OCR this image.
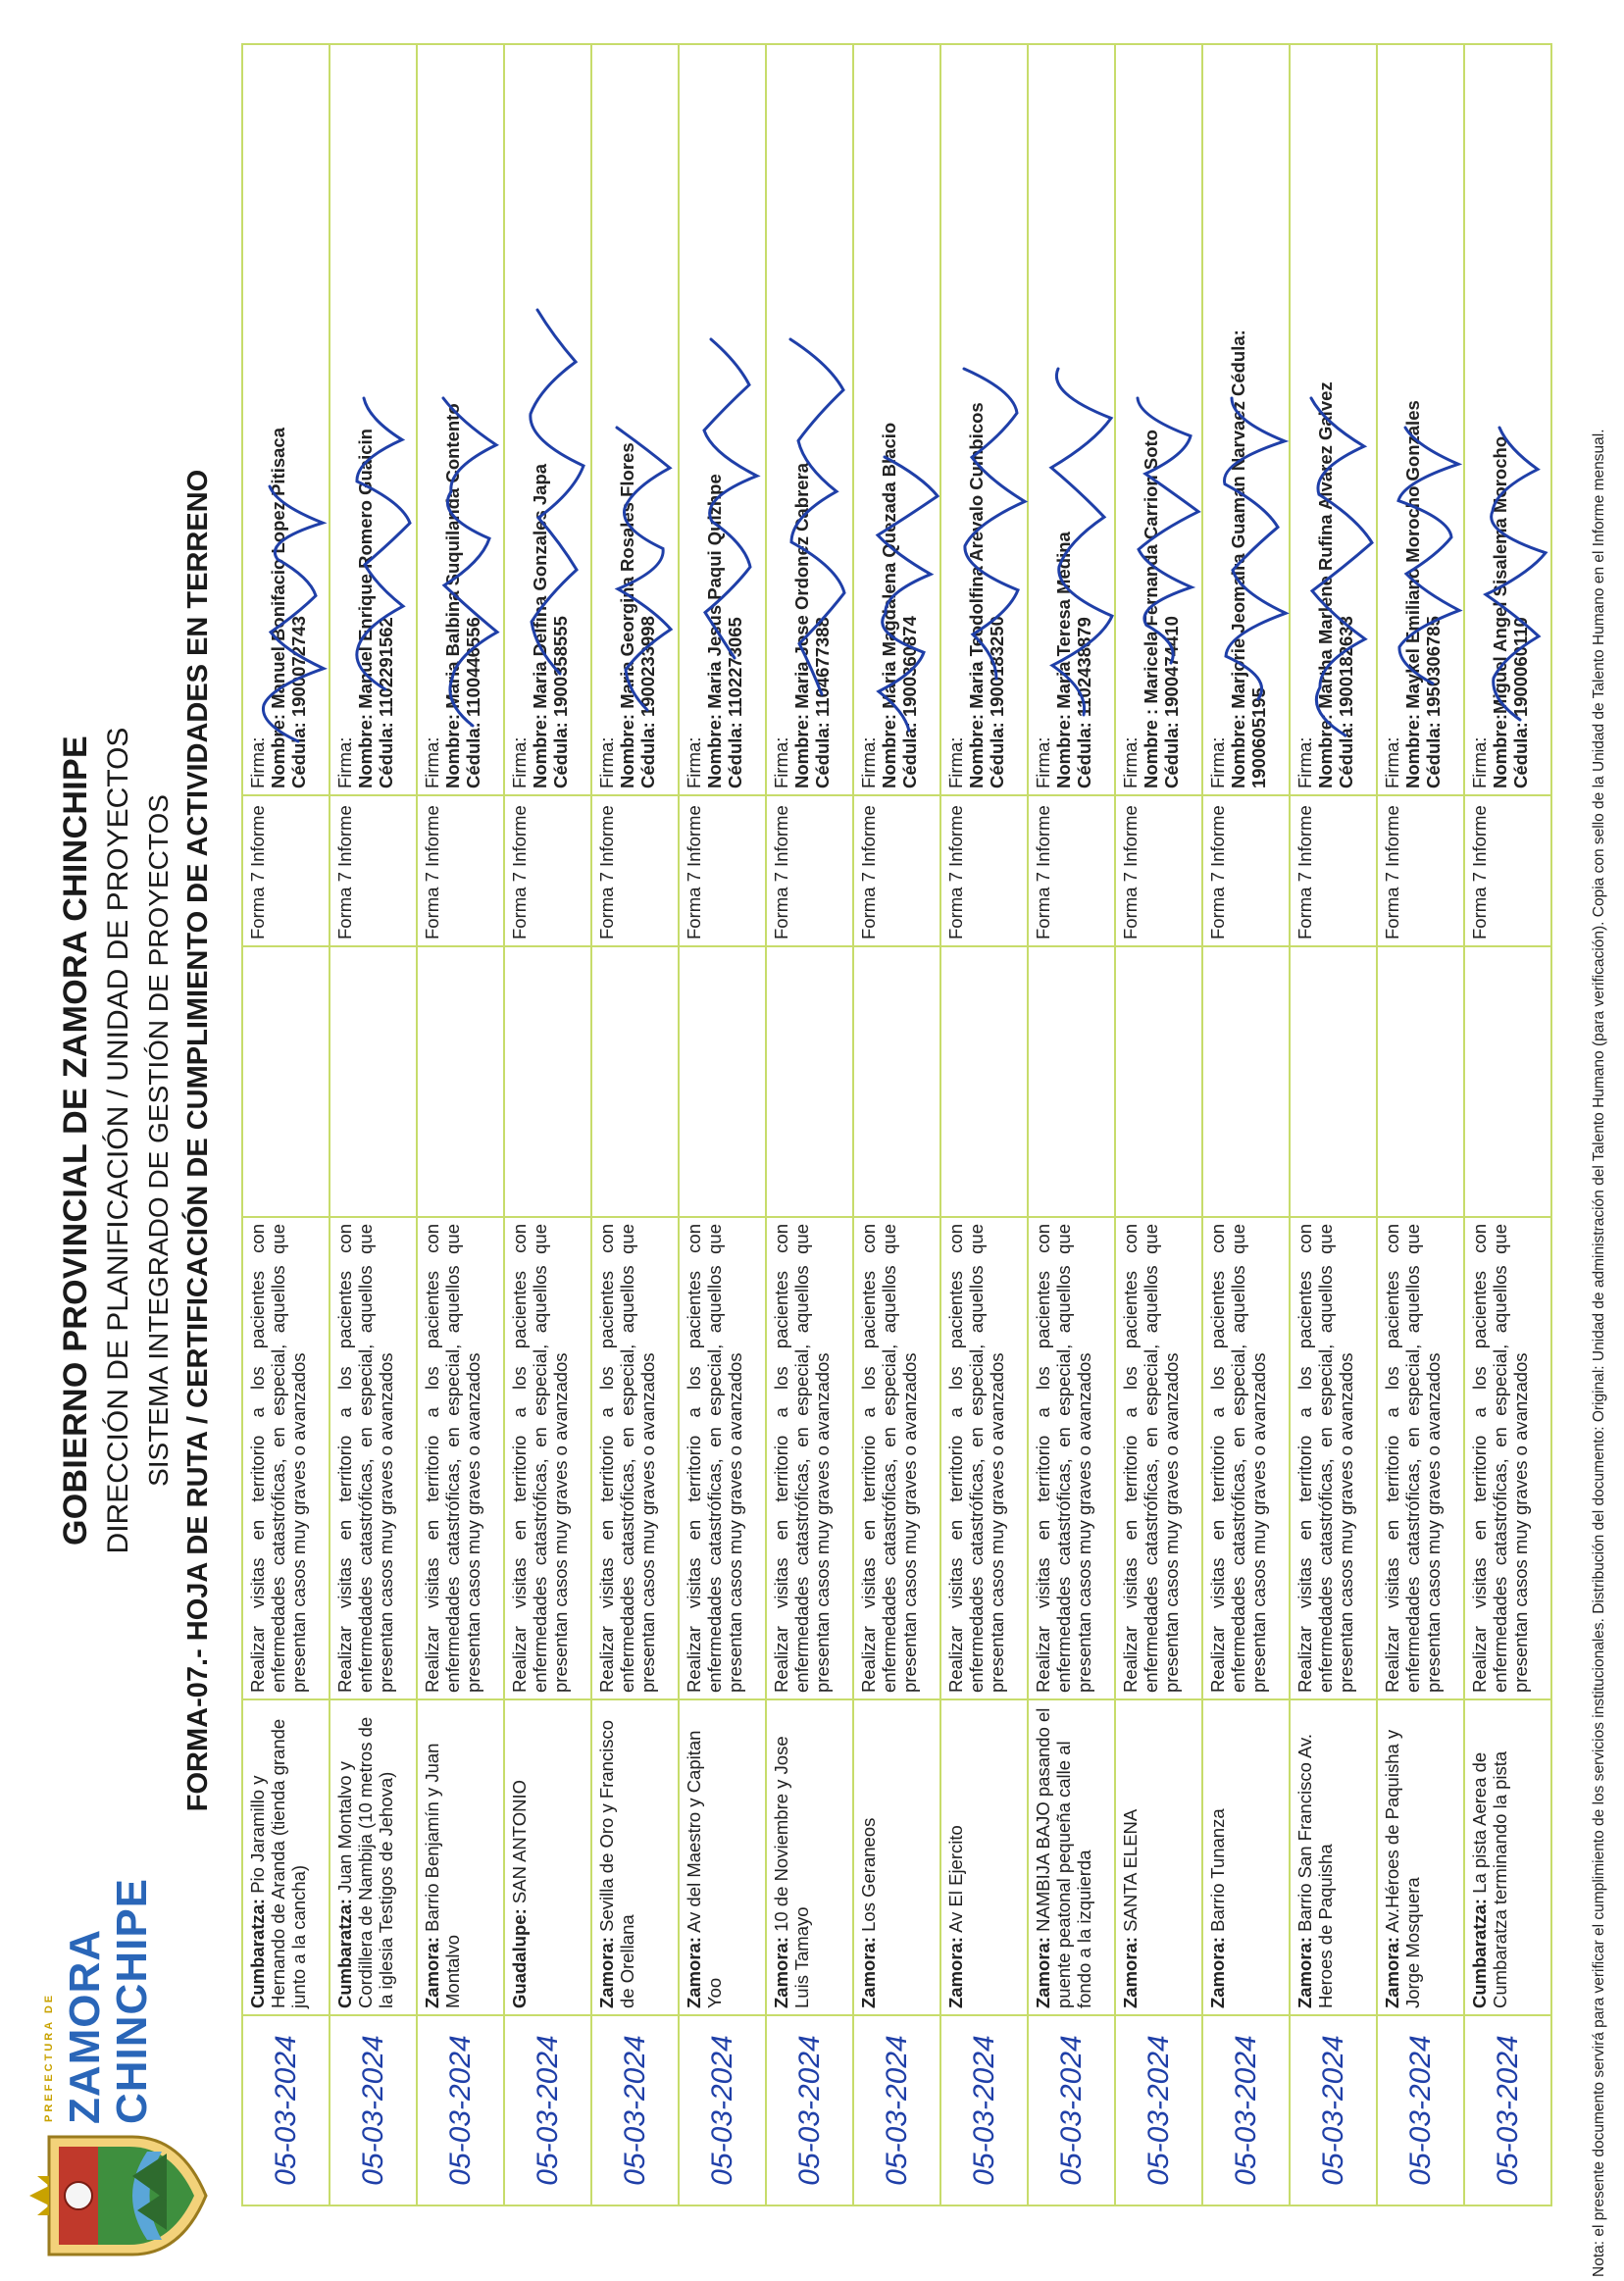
PREFECTURA DE ZAMORA CHINCHIPE
GOBIERNO PROVINCIAL DE ZAMORA CHINCHIPE DIRECCIÓN DE PLANIFICACIÓN / UNIDAD DE PROYECTOS SISTEMA INTEGRADO DE GESTIÓN DE PROYECTOS FORMA-07.- HOJA DE RUTA / CERTIFICACIÓN DE CUMPLIMIENTO DE ACTIVIDADES EN TERRENO
05-03-2024	Cumbaratza: Pio Jaramillo y Hernando de Aranda (tienda grande junto a la cancha)	Realizar visitas en territorio a los pacientes con enfermedades catastróficas, en especial, aquellos que presentan casos muy graves o avanzados		Forma 7 Informe	Firma: Nombre: Manuel Bonifacio Lopez Pitisaca Cédula: 1900072743

05-03-2024	Cumbaratza: Juan Montalvo y Cordillera de Nambija (10 metros de la iglesia Testigos de Jehova)	Realizar visitas en territorio a los pacientes con enfermedades catastróficas, en especial, aquellos que presentan casos muy graves o avanzados		Forma 7 Informe	Firma: Nombre: Manuel Enrique Romero Guaicin Cédula: 1102291562

05-03-2024	Zamora: Barrio Benjamín y Juan Montalvo	Realizar visitas en territorio a los pacientes con enfermedades catastróficas, en especial, aquellos que presentan casos muy graves o avanzados		Forma 7 Informe	Firma: Nombre: Maria Balbina Suquilanda Contento Cédula: 1100446556

05-03-2024	Guadalupe: SAN ANTONIO	Realizar visitas en territorio a los pacientes con enfermedades catastróficas, en especial, aquellos que presentan casos muy graves o avanzados		Forma 7 Informe	Firma: Nombre: Maria Delfina Gonzales Japa Cédula: 1900358555

05-03-2024	Zamora: Sevilla de Oro y Francisco de Orellana	Realizar visitas en territorio a los pacientes con enfermedades catastróficas, en especial, aquellos que presentan casos muy graves o avanzados		Forma 7 Informe	Firma: Nombre: Maria Georgina Rosales Flores Cédula: 1900233998

05-03-2024	Zamora: Av del Maestro y Capitan Yoo	Realizar visitas en territorio a los pacientes con enfermedades catastróficas, en especial, aquellos que presentan casos muy graves o avanzados		Forma 7 Informe	Firma: Nombre: Maria Jesus Paqui Quizhpe Cédula: 1102273065

05-03-2024	Zamora: 10 de Noviembre y Jose Luis Tamayo	Realizar visitas en territorio a los pacientes con enfermedades catastróficas, en especial, aquellos que presentan casos muy graves o avanzados		Forma 7 Informe	Firma: Nombre: Maria Jose Ordonez Cabrera Cédula: 1104677388

05-03-2024	Zamora: Los Geraneos	Realizar visitas en territorio a los pacientes con enfermedades catastróficas, en especial, aquellos que presentan casos muy graves o avanzados		Forma 7 Informe	Firma: Nombre: Maria Magdalena Quezada Blacio Cédula: 1900360874

05-03-2024	Zamora: Av El Ejercito	Realizar visitas en territorio a los pacientes con enfermedades catastróficas, en especial, aquellos que presentan casos muy graves o avanzados		Forma 7 Informe	Firma: Nombre: Maria Teodolfina Arevalo Cumbicos Cédula: 1900183250

05-03-2024	Zamora: NAMBIJA BAJO pasando el puente peatonal pequeña calle al fondo a la izquierda	Realizar visitas en territorio a los pacientes con enfermedades catastróficas, en especial, aquellos que presentan casos muy graves o avanzados		Forma 7 Informe	Firma: Nombre: Maria Teresa Medina Cédula: 1102438879

05-03-2024	Zamora: SANTA ELENA	Realizar visitas en territorio a los pacientes con enfermedades catastróficas, en especial, aquellos que presentan casos muy graves o avanzados		Forma 7 Informe	Firma: Nombre : Maricela Fernanda Carrion Soto Cédula: 1900474410

05-03-2024	Zamora: Barrio Tunanza	Realizar visitas en territorio a los pacientes con enfermedades catastróficas, en especial, aquellos que presentan casos muy graves o avanzados		Forma 7 Informe	Firma: Nombre: Marjorie Jeomaira Guaman Narvaez Cédula: 1900605195

05-03-2024	Zamora: Barrio San Francisco Av. Heroes de Paquisha	Realizar visitas en territorio a los pacientes con enfermedades catastróficas, en especial, aquellos que presentan casos muy graves o avanzados		Forma 7 Informe	Firma: Nombre: Martha Marlene Rufina Alvarez Galvez Cédula: 1900182633

05-03-2024	Zamora: Av.Héroes de Paquisha y Jorge Mosquera	Realizar visitas en territorio a los pacientes con enfermedades catastróficas, en especial, aquellos que presentan casos muy graves o avanzados		Forma 7 Informe	Firma: Nombre: Maykel Emiliano Morocho Gonzales Cédula: 1950306785

05-03-2024	Cumbaratza: La pista Aerea de Cumbaratza terminando la pista	Realizar visitas en territorio a los pacientes con enfermedades catastróficas, en especial, aquellos que presentan casos muy graves o avanzados		Forma 7 Informe	Firma: Nombre:Miguel Angel Sisalema Morocho Cédula: 1900060110	Nota: el presente documento servirá para verificar el cumplimiento de los servicios institucionales. Distribución del documento: Original: Unidad de administración del Talento Humano (para verificación). Copia con sello de la Unidad de Talento Humano en el Informe mensual.
